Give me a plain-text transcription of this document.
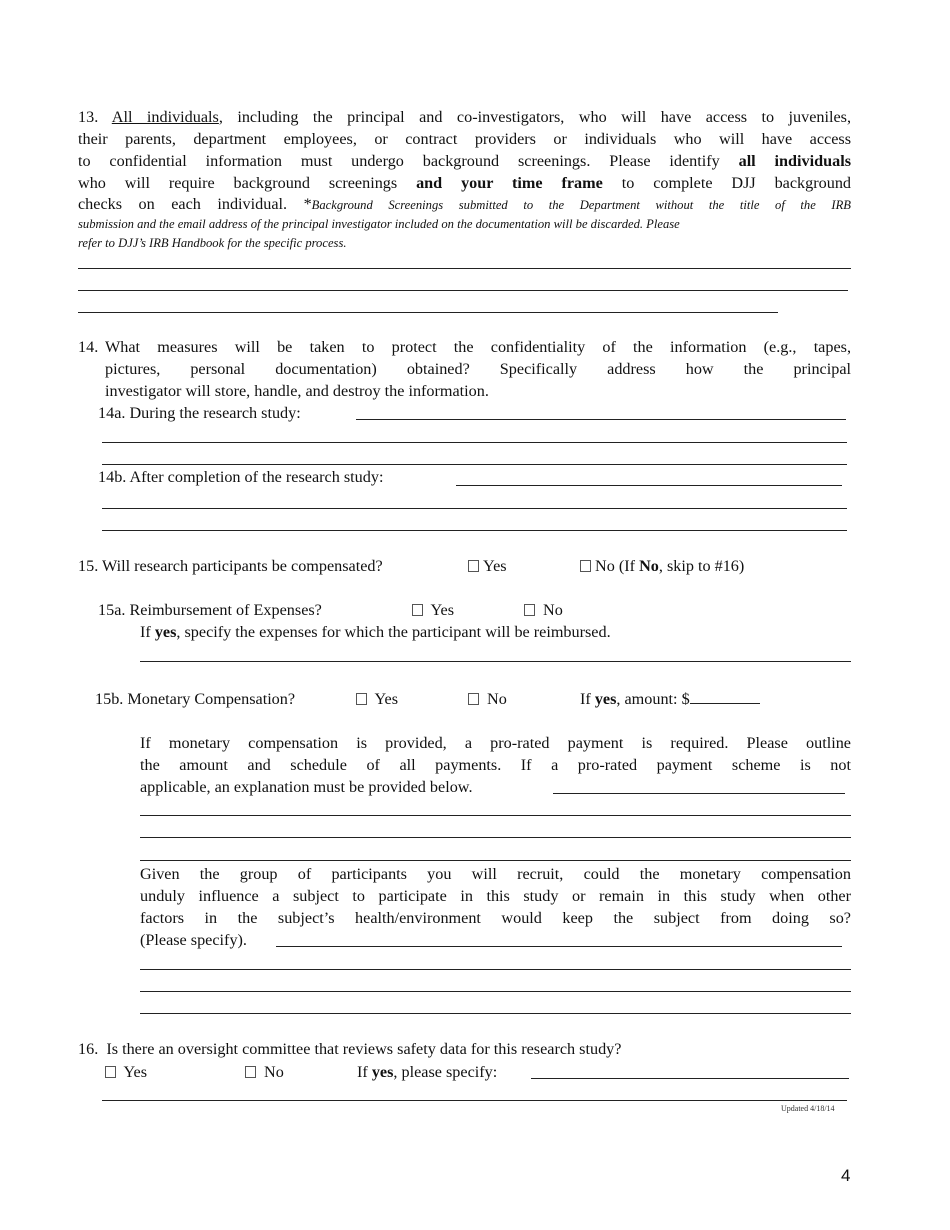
13. All individuals, including the principal and co-investigators, who will have access to juveniles,
their parents, department employees, or contract providers or individuals who will have access
to confidential information must undergo background screenings. Please identify all individuals
who will require background screenings and your time frame to complete DJJ background
checks on each individual. *Background Screenings submitted to the Department without the title of the IRB
submission and the email address of the principal investigator included on the documentation will be discarded. Please
refer to DJJ’s IRB Handbook for the specific process.
14. What measures will be taken to protect the confidentiality of the information (e.g., tapes,
pictures, personal documentation) obtained? Specifically address how the principal
investigator will store, handle, and destroy the information.
14a. During the research study:
14b. After completion of the research study:
15. Will research participants be compensated?	Yes	No (If No, skip to #16)
15a. Reimbursement of Expenses?	Yes	No
If yes, specify the expenses for which the participant will be reimbursed.
15b. Monetary Compensation?	Yes	No	If yes, amount: $
If monetary compensation is provided, a pro-rated payment is required. Please outline
the amount and schedule of all payments. If a pro-rated payment scheme is not
applicable, an explanation must be provided below.
Given the group of participants you will recruit, could the monetary compensation
unduly influence a subject to participate in this study or remain in this study when other
factors in the subject’s health/environment would keep the subject from doing so?
(Please specify).
16. Is there an oversight committee that reviews safety data for this research study?
Yes	No	If yes, please specify:
Updated 4/18/14
4
